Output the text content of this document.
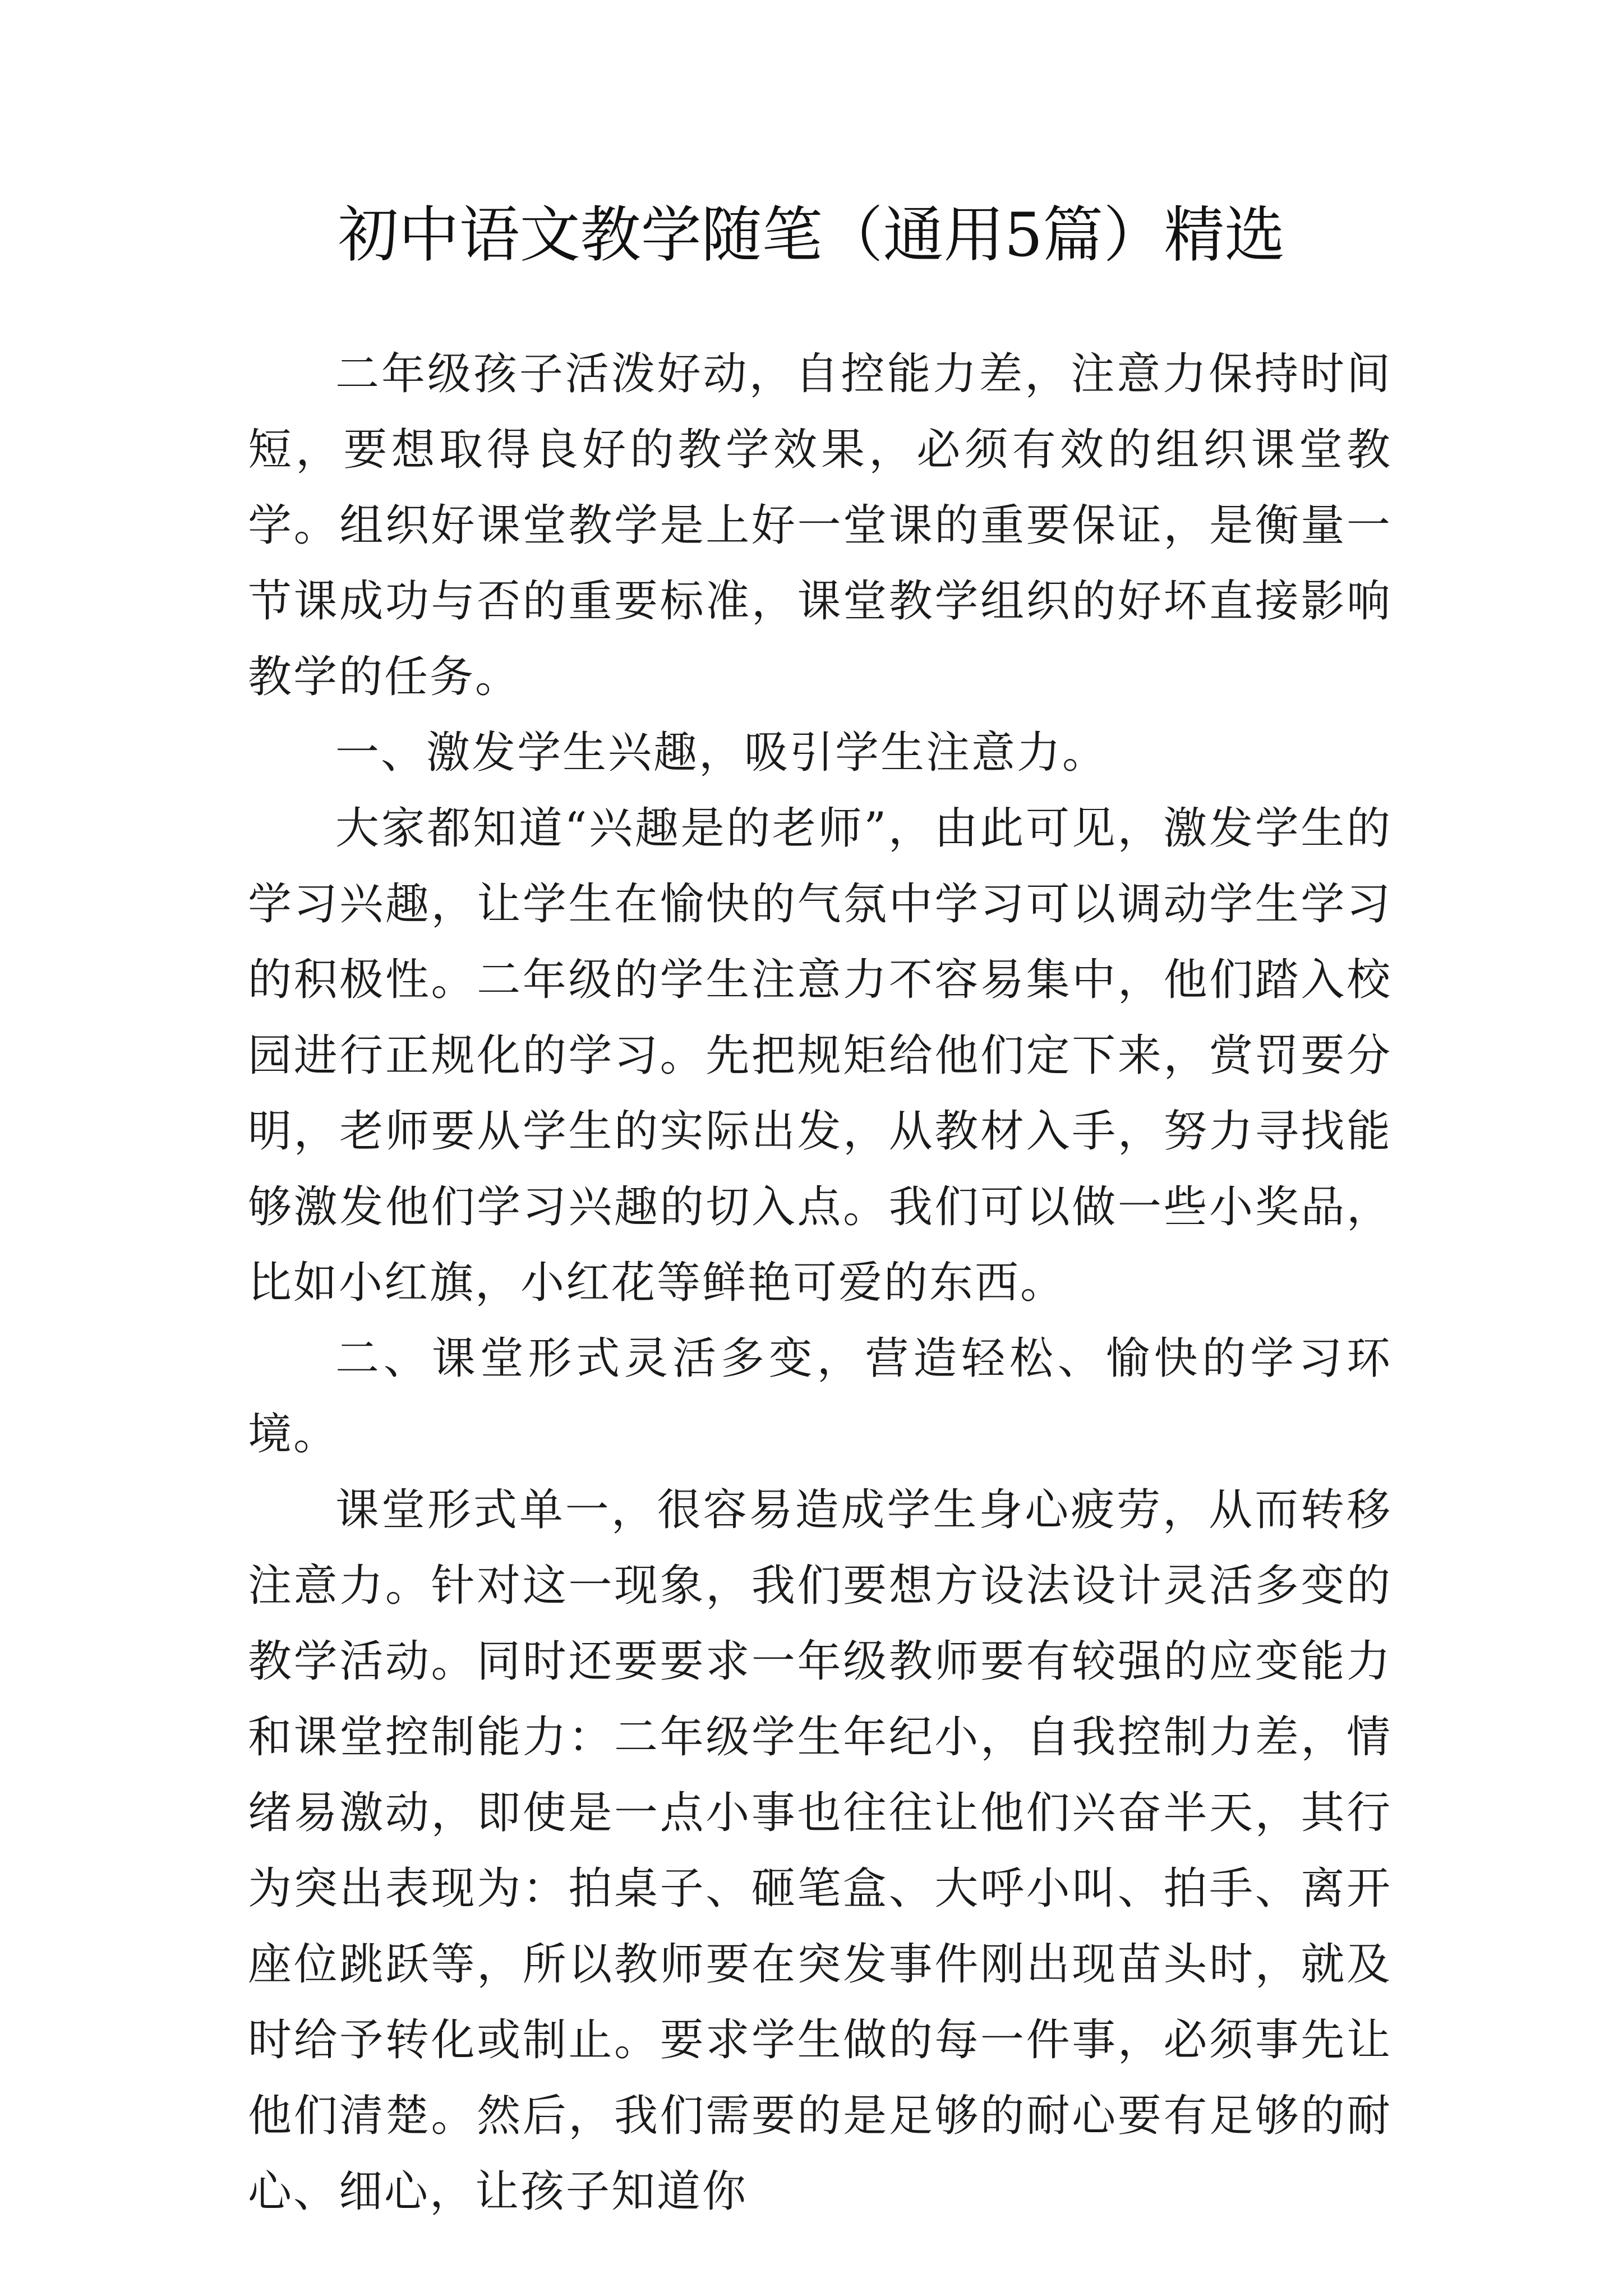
初中语文教学随笔（通用5篇）精选

二年级孩子活泼好动，自控能力差，注意力保持时间短，要想取得良好的教学效果，必须有效的组织课堂教学。组织好课堂教学是上好一堂课的重要保证，是衡量一节课成功与否的重要标准，课堂教学组织的好坏直接影响教学的任务。

一、激发学生兴趣，吸引学生注意力。

大家都知道“兴趣是的老师”，由此可见，激发学生的学习兴趣，让学生在愉快的气氛中学习可以调动学生学习的积极性。二年级的学生注意力不容易集中，他们踏入校园进行正规化的学习。先把规矩给他们定下来，赏罚要分明，老师要从学生的实际出发，从教材入手，努力寻找能够激发他们学习兴趣的切入点。我们可以做一些小奖品，比如小红旗，小红花等鲜艳可爱的东西。

二、课堂形式灵活多变，营造轻松、愉快的学习环境。

课堂形式单一，很容易造成学生身心疲劳，从而转移注意力。针对这一现象，我们要想方设法设计灵活多变的教学活动。同时还要要求一年级教师要有较强的应变能力和课堂控制能力：二年级学生年纪小，自我控制力差，情绪易激动，即使是一点小事也往往让他们兴奋半天，其行为突出表现为：拍桌子、砸笔盒、大呼小叫、拍手、离开座位跳跃等，所以教师要在突发事件刚出现苗头时，就及时给予转化或制止。要求学生做的每一件事，必须事先让他们清楚。然后，我们需要的是足够的耐心要有足够的耐心、细心，让孩子知道你
